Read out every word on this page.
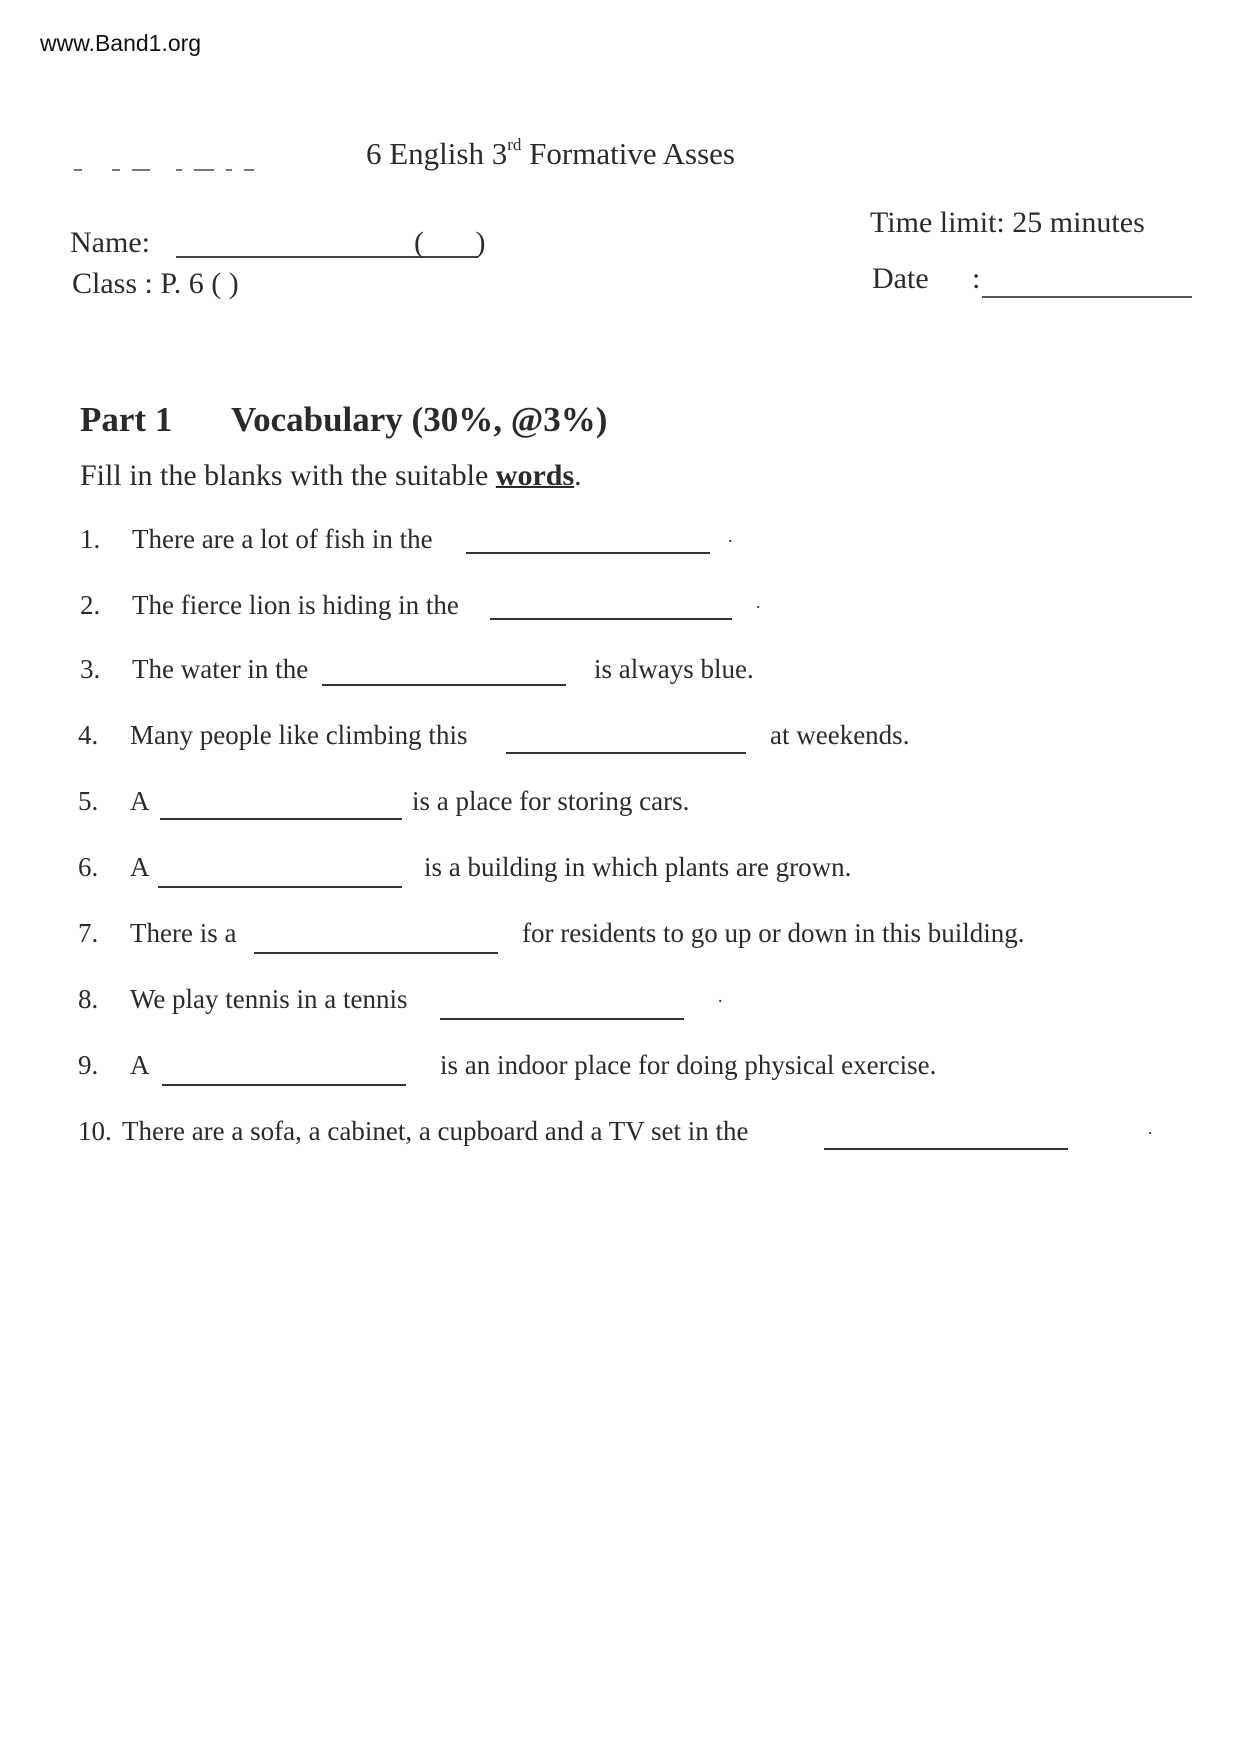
www.Band1.org
6 English 3rd Formative Asses
Name:	( )
Class : P. 6 ( )
Time limit: 25 minutes
Date :
Part 1 Vocabulary (30%, @3%)
Fill in the blanks with the suitable words.
1. There are a lot of fish in the	.
2. The fierce lion is hiding in the	.
3. The water in the	is always blue.
4. Many people like climbing this	at weekends.
5. A	is a place for storing cars.
6. A	is a building in which plants are grown.
7. There is a	for residents to go up or down in this building.
8. We play tennis in a tennis	.
9. A	is an indoor place for doing physical exercise.
10. There are a sofa, a cabinet, a cupboard and a TV set in the	.
